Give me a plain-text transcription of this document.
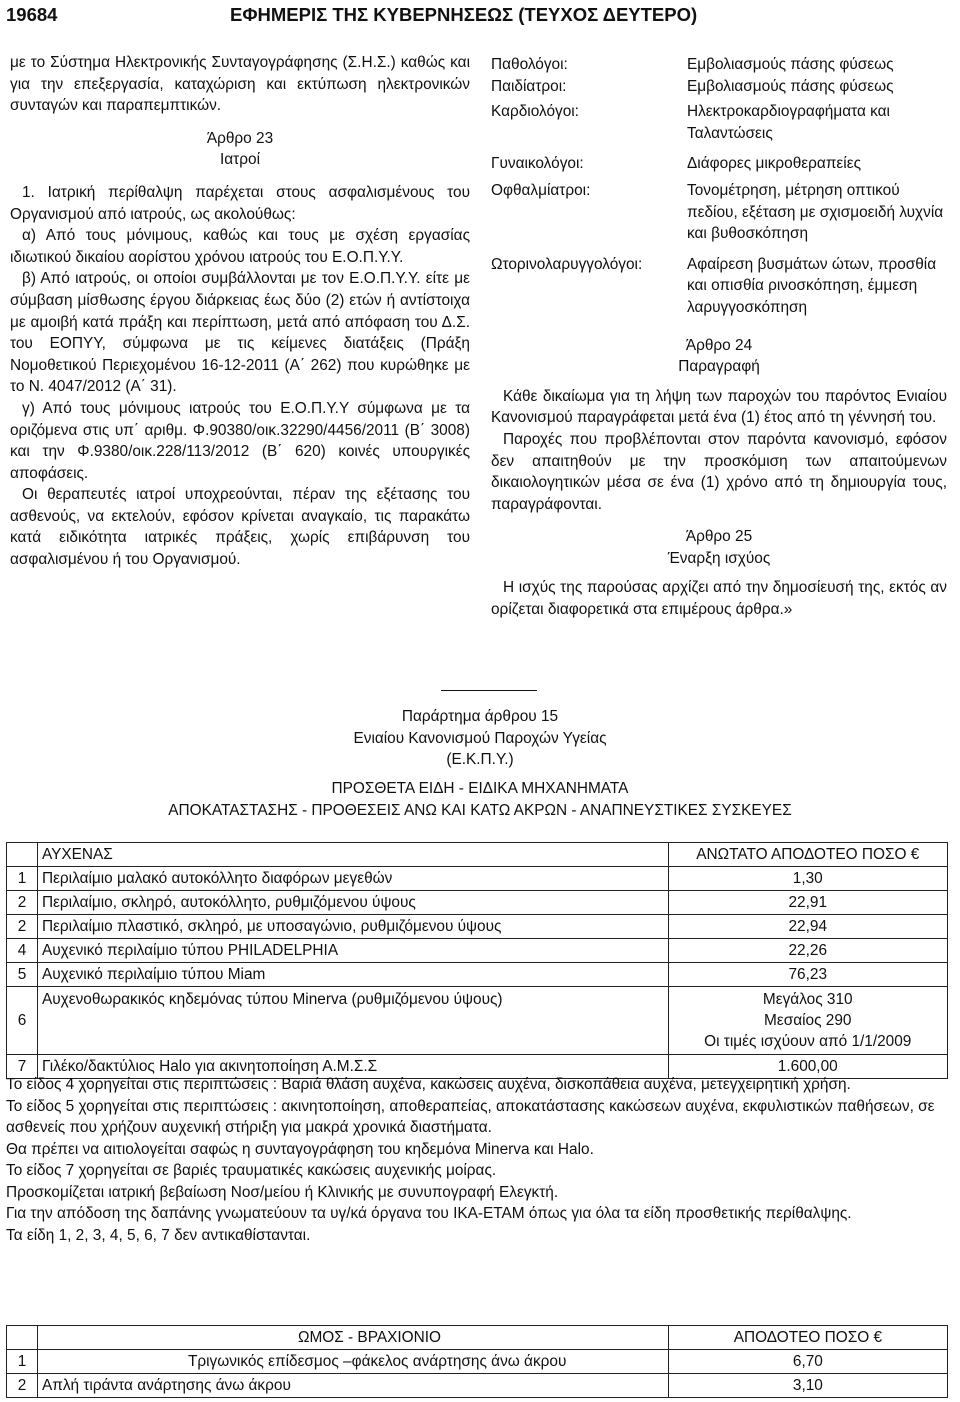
19684	ΕΦΗΜΕΡΙΣ ΤΗΣ ΚΥΒΕΡΝΗΣΕΩΣ (ΤΕΥΧΟΣ ΔΕΥΤΕΡΟ)

με το Σύστημα Ηλεκτρονικής Συνταγογράφησης (Σ.Η.Σ.) καθώς και για την επεξεργασία, καταχώριση και εκτύπωση ηλεκτρονικών συνταγών και παραπεμπτικών.

Άρθρο 23

Ιατροί

1. Ιατρική περίθαλψη παρέχεται στους ασφαλισμένους του Οργανισμού από ιατρούς, ως ακολούθως:

α) Από τους μόνιμους, καθώς και τους με σχέση εργασίας ιδιωτικού δικαίου αορίστου χρόνου ιατρούς του Ε.Ο.Π.Υ.Υ.

β) Από ιατρούς, οι οποίοι συμβάλλονται με τον Ε.Ο.Π.Υ.Υ. είτε με σύμβαση μίσθωσης έργου διάρκειας έως δύο (2) ετών ή αντίστοιχα με αμοιβή κατά πράξη και περίπτωση, μετά από απόφαση του Δ.Σ. του ΕΟΠΥΥ, σύμφωνα με τις κείμενες διατάξεις (Πράξη Νομοθετικού Περιεχομένου 16-12-2011 (Α΄ 262) που κυρώθηκε με το Ν. 4047/2012 (Α΄ 31).

γ) Από τους μόνιμους ιατρούς του Ε.Ο.Π.Υ.Υ σύμφωνα με τα οριζόμενα στις υπ΄ αριθμ. Φ.90380/οικ.32290/4456/2011 (Β΄ 3008) και την Φ.9380/οικ.228/113/2012 (Β΄ 620) κοινές υπουργικές αποφάσεις.

Οι θεραπευτές ιατροί υποχρεούνται, πέραν της εξέτασης του ασθενούς, να εκτελούν, εφόσον κρίνεται αναγκαίο, τις παρακάτω κατά ειδικότητα ιατρικές πράξεις, χωρίς επιβάρυνση του ασφαλισμένου ή του Οργανισμού.

Παθολόγοι:	Εμβολιασμούς πάσης φύσεως
Παιδίατροι:	Εμβολιασμούς πάσης φύσεως
Καρδιολόγοι:	Ηλεκτροκαρδιογραφήματα και Ταλαντώσεις
Γυναικολόγοι:	Διάφορες μικροθεραπείες
Οφθαλμίατροι:	Τονομέτρηση, μέτρηση οπτικού πεδίου, εξέταση με σχισμοειδή λυχνία και βυθοσκόπηση
Ωτορινολαρυγγολόγοι:	Αφαίρεση βυσμάτων ώτων, προσθία και οπισθία ρινοσκόπηση, έμμεση λαρυγγοσκόπηση
Άρθρο 24
Παραγραφή

Κάθε δικαίωμα για τη λήψη των παροχών του παρόντος Ενιαίου Κανονισμού παραγράφεται μετά ένα (1) έτος από τη γέννησή του.

Παροχές που προβλέπονται στον παρόντα κανονισμό, εφόσον δεν απαιτηθούν με την προσκόμιση των απαιτούμενων δικαιολογητικών μέσα σε ένα (1) χρόνο από τη δημιουργία τους, παραγράφονται.

Άρθρο 25
Έναρξη ισχύος

Η ισχύς της παρούσας αρχίζει από την δημοσίευσή της, εκτός αν ορίζεται διαφορετικά στα επιμέρους άρθρα.»

Παράρτημα άρθρου 15
Ενιαίου Κανονισμού Παροχών Υγείας
(Ε.Κ.Π.Υ.)
ΠΡΟΣΘΕΤΑ ΕΙΔΗ - ΕΙΔΙΚΑ ΜΗΧΑΝΗΜΑΤΑ
ΑΠΟΚΑΤΑΣΤΑΣΗΣ - ΠΡΟΘΕΣΕΙΣ ΑΝΩ ΚΑΙ ΚΑΤΩ ΑΚΡΩΝ - ΑΝΑΠΝΕΥΣΤΙΚΕΣ ΣΥΣΚΕΥΕΣ
	ΑΥΧΕΝΑΣ	ΑΝΩΤΑΤΟ ΑΠΟΔΟΤΕΟ ΠΟΣΟ €
1	Περιλαίμιο μαλακό αυτοκόλλητο διαφόρων μεγεθών	1,30
2	Περιλαίμιο, σκληρό, αυτοκόλλητο, ρυθμιζόμενου ύψους	22,91
2	Περιλαίμιο πλαστικό, σκληρό, με υποσαγώνιο, ρυθμιζόμενου ύψους	22,94
4	Αυχενικό περιλαίμιο τύπου PHILADELPHIA	22,26
5	Αυχενικό περιλαίμιο τύπου Miam	76,23
6	Αυχενοθωρακικός κηδεμόνας τύπου Minerva (ρυθμιζόμενου ύψους)	Μεγάλος 310
Μεσαίος 290
Οι τιμές ισχύουν από 1/1/2009

7	Γιλέκο/δακτύλιος Halo για ακινητοποίηση Α.Μ.Σ.Σ	1.600,00

Το είδος 4 χορηγείται στις περιπτώσεις : Βαριά θλάση αυχένα, κακώσεις αυχένα, δισκοπάθεια αυχένα, μετεγχειρητική χρήση.

Το είδος 5 χορηγείται στις περιπτώσεις : ακινητοποίηση, αποθεραπείας, αποκατάστασης κακώσεων αυχένα, εκφυλιστικών παθήσεων, σε ασθενείς που χρήζουν αυχενική στήριξη για μακρά χρονικά διαστήματα.

Θα πρέπει να αιτιολογείται σαφώς η συνταγογράφηση του κηδεμόνα Minerva και Halo.

Το είδος 7 χορηγείται σε βαριές τραυματικές κακώσεις αυχενικής μοίρας.

Προσκομίζεται ιατρική βεβαίωση Νοσ/μείου ή Κλινικής με συνυπογραφή Ελεγκτή.

Για την απόδοση της δαπάνης γνωματεύουν τα υγ/κά όργανα του ΙΚΑ-ΕΤΑΜ όπως για όλα τα είδη προσθετικής περίθαλψης.

Τα είδη 1, 2, 3, 4, 5, 6, 7 δεν αντικαθίστανται.

	ΩΜΟΣ - ΒΡΑΧΙΟΝΙΟ	ΑΠΟΔΟΤΕΟ ΠΟΣΟ €
1	Τριγωνικός επίδεσμος –φάκελος ανάρτησης άνω άκρου	6,70
2	Απλή τιράντα ανάρτησης άνω άκρου	3,10
